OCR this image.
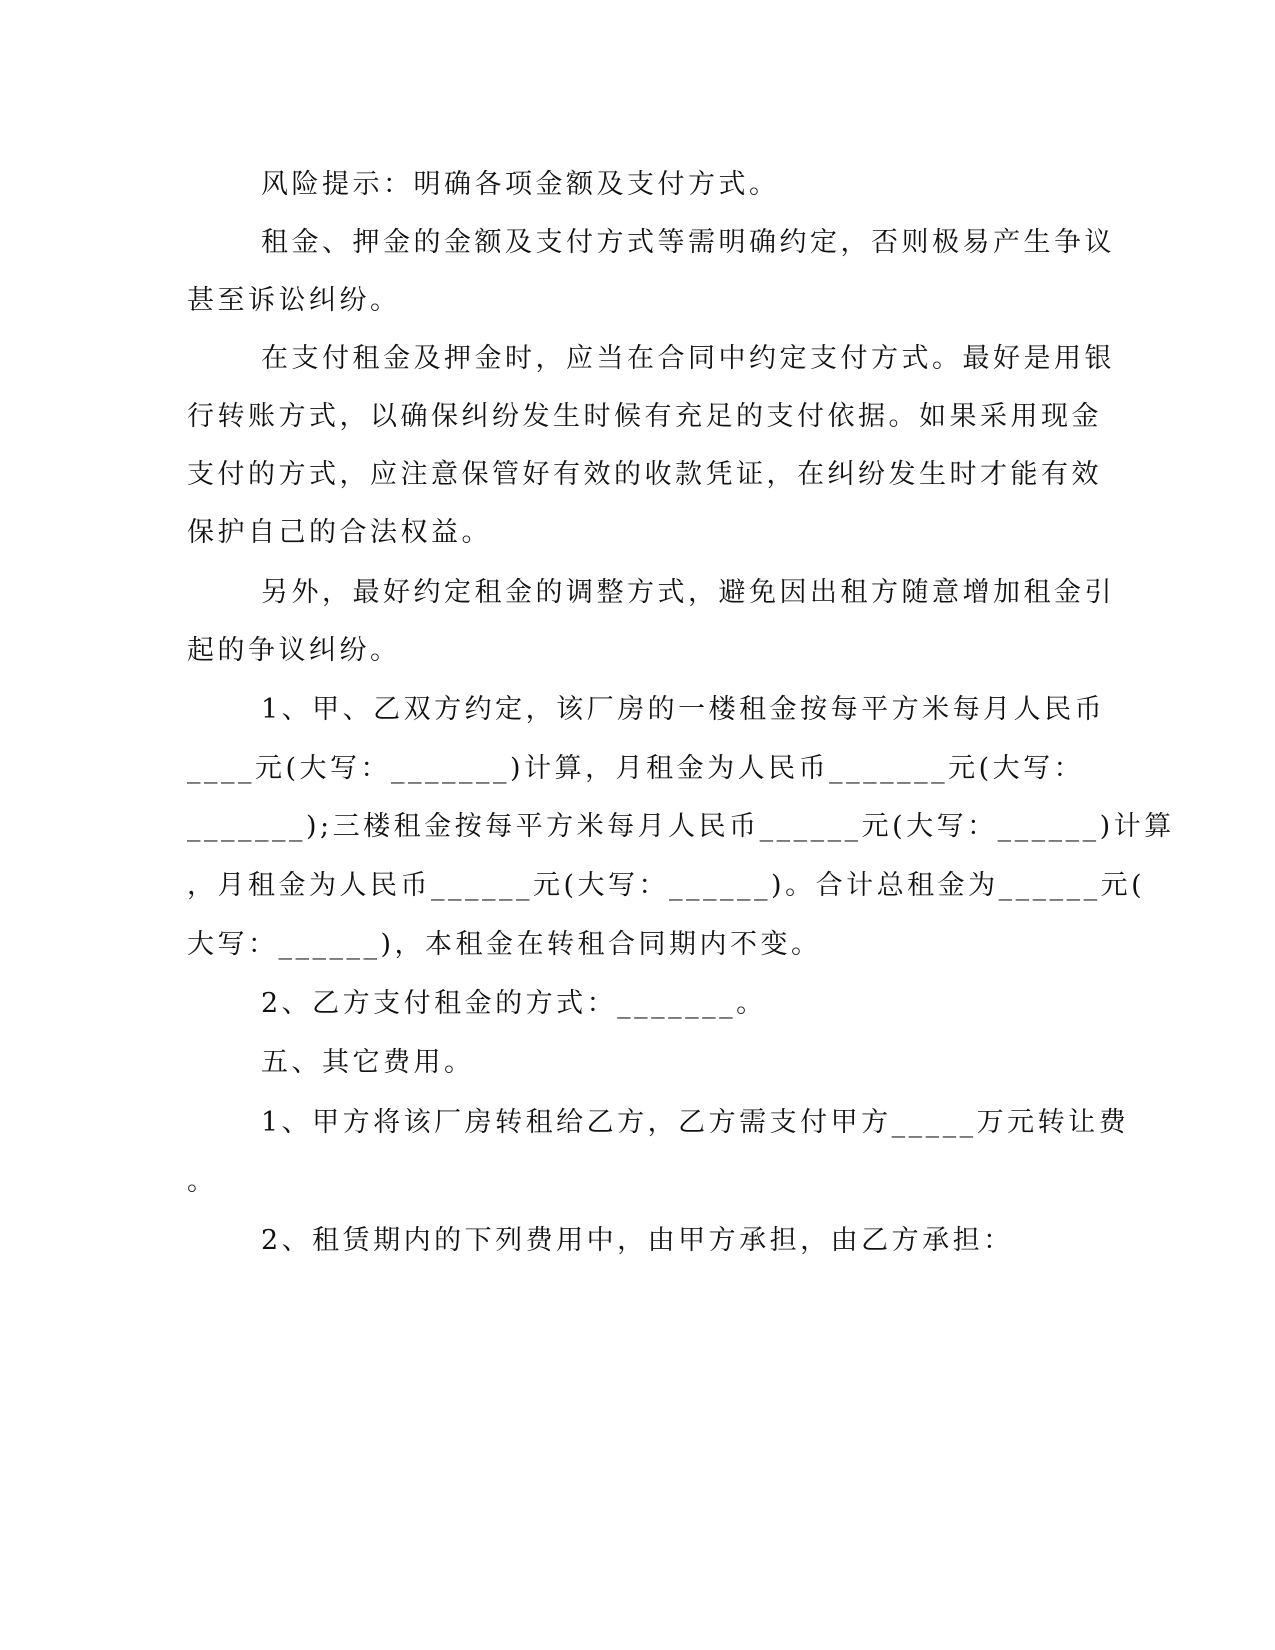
风险提示：明确各项金额及支付方式。
租金、押金的金额及支付方式等需明确约定，否则极易产生争议
甚至诉讼纠纷。
在支付租金及押金时，应当在合同中约定支付方式。最好是用银
行转账方式，以确保纠纷发生时候有充足的支付依据。如果采用现金
支付的方式，应注意保管好有效的收款凭证，在纠纷发生时才能有效
保护自己的合法权益。
另外，最好约定租金的调整方式，避免因出租方随意增加租金引
起的争议纠纷。
1、甲、乙双方约定，该厂房的一楼租金按每平方米每月人民币
____元(大写：_______)计算，月租金为人民币_______元(大写：
_______);三楼租金按每平方米每月人民币______元(大写：______)计算
，月租金为人民币______元(大写：______)。合计总租金为______元(
大写：______)，本租金在转租合同期内不变。
2、乙方支付租金的方式：_______。
五、其它费用。
1、甲方将该厂房转租给乙方，乙方需支付甲方_____万元转让费
。
2、租赁期内的下列费用中，由甲方承担，由乙方承担：
